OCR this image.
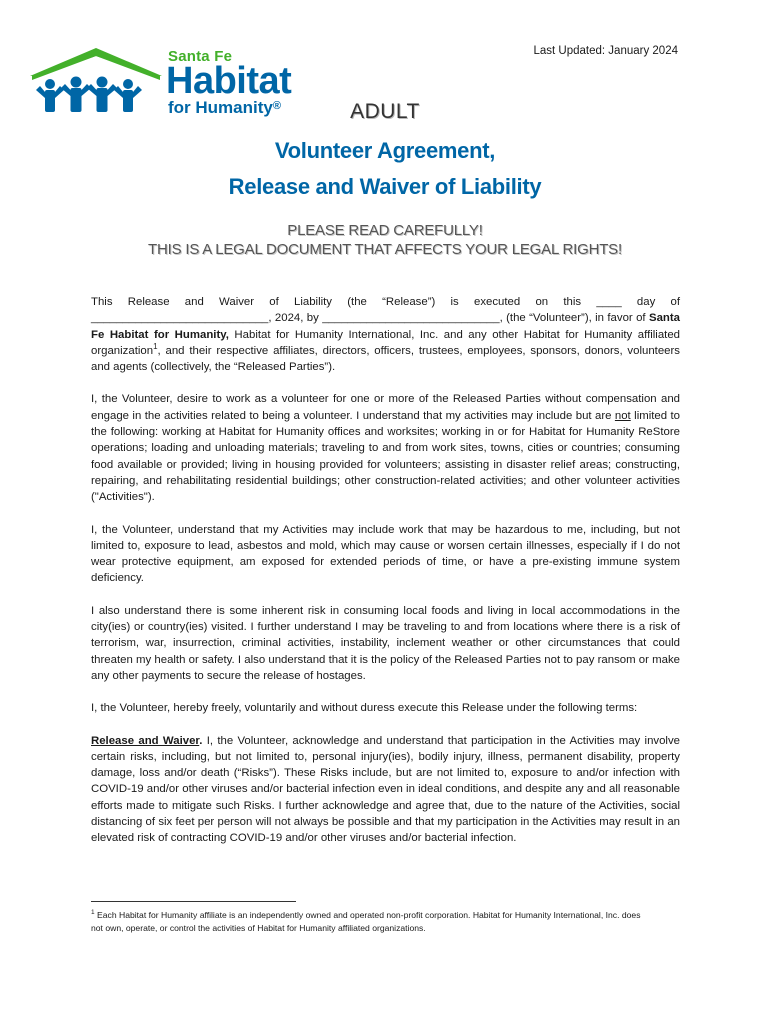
Santa Fe
Habitat
for Humanity®
Last Updated: January 2024
ADULT
Volunteer Agreement,
Release and Waiver of Liability
PLEASE READ CAREFULLY!
THIS IS A LEGAL DOCUMENT THAT AFFECTS YOUR LEGAL RIGHTS!

This Release and Waiver of Liability (the “Release”) is executed on this ____ day of ____________________________, 2024, by ____________________________, (the “Volunteer”), in favor of Santa Fe Habitat for Humanity, Habitat for Humanity International, Inc. and any other Habitat for Humanity affiliated organization$^1$, and their respective affiliates, directors, officers, trustees, employees, sponsors, donors, volunteers and agents (collectively, the “Released Parties”).

I, the Volunteer, desire to work as a volunteer for one or more of the Released Parties without compensation and engage in the activities related to being a volunteer. I understand that my activities may include but are not limited to the following: working at Habitat for Humanity offices and worksites; working in or for Habitat for Humanity ReStore operations; loading and unloading materials; traveling to and from work sites, towns, cities or countries; consuming food available or provided; living in housing provided for volunteers; assisting in disaster relief areas; constructing, repairing, and rehabilitating residential buildings; other construction-related activities; and other volunteer activities ("Activities").

I, the Volunteer, understand that my Activities may include work that may be hazardous to me, including, but not limited to, exposure to lead, asbestos and mold, which may cause or worsen certain illnesses, especially if I do not wear protective equipment, am exposed for extended periods of time, or have a pre-existing immune system deficiency.

I also understand there is some inherent risk in consuming local foods and living in local accommodations in the city(ies) or country(ies) visited. I further understand I may be traveling to and from locations where there is a risk of terrorism, war, insurrection, criminal activities, instability, inclement weather or other circumstances that could threaten my health or safety. I also understand that it is the policy of the Released Parties not to pay ransom or make any other payments to secure the release of hostages.

I, the Volunteer, hereby freely, voluntarily and without duress execute this Release under the following terms:

Release and Waiver. I, the Volunteer, acknowledge and understand that participation in the Activities may involve certain risks, including, but not limited to, personal injury(ies), bodily injury, illness, permanent disability, property damage, loss and/or death (“Risks”). These Risks include, but are not limited to, exposure to and/or infection with COVID-19 and/or other viruses and/or bacterial infection even in ideal conditions, and despite any and all reasonable efforts made to mitigate such Risks. I further acknowledge and agree that, due to the nature of the Activities, social distancing of six feet per person will not always be possible and that my participation in the Activities may result in an elevated risk of contracting COVID-19 and/or other viruses and/or bacterial infection.

$^1$ Each Habitat for Humanity affiliate is an independently owned and operated non-profit corporation. Habitat for Humanity International, Inc. does not own, operate, or control the activities of Habitat for Humanity affiliated organizations.
